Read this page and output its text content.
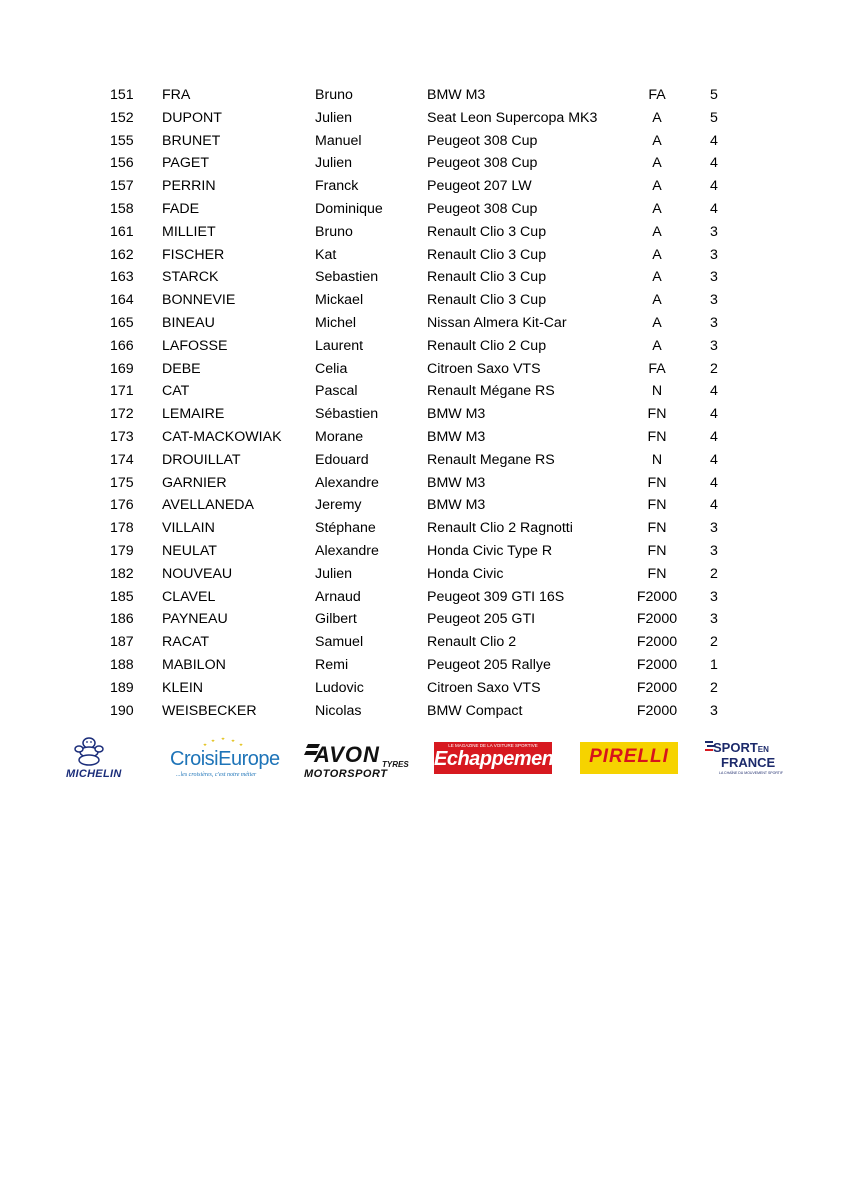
151	FRA	Bruno	BMW M3	FA	5
152	DUPONT	Julien	Seat Leon Supercopa MK3	A	5
155	BRUNET	Manuel	Peugeot 308 Cup	A	4
156	PAGET	Julien	Peugeot 308 Cup	A	4
157	PERRIN	Franck	Peugeot 207 LW	A	4
158	FADE	Dominique	Peugeot 308 Cup	A	4
161	MILLIET	Bruno	Renault Clio 3 Cup	A	3
162	FISCHER	Kat	Renault Clio 3 Cup	A	3
163	STARCK	Sebastien	Renault Clio 3 Cup	A	3
164	BONNEVIE	Mickael	Renault Clio 3 Cup	A	3
165	BINEAU	Michel	Nissan Almera Kit-Car	A	3
166	LAFOSSE	Laurent	Renault Clio 2 Cup	A	3
169	DEBE	Celia	Citroen Saxo VTS	FA	2
171	CAT	Pascal	Renault Mégane RS	N	4
172	LEMAIRE	Sébastien	BMW M3	FN	4
173	CAT-MACKOWIAK	Morane	BMW M3	FN	4
174	DROUILLAT	Edouard	Renault Megane RS	N	4
175	GARNIER	Alexandre	BMW M3	FN	4
176	AVELLANEDA	Jeremy	BMW M3	FN	4
178	VILLAIN	Stéphane	Renault Clio 2 Ragnotti	FN	3
179	NEULAT	Alexandre	Honda Civic Type R	FN	3
182	NOUVEAU	Julien	Honda Civic	FN	2
185	CLAVEL	Arnaud	Peugeot 309 GTI 16S	F2000	3
186	PAYNEAU	Gilbert	Peugeot 205 GTI	F2000	3
187	RACAT	Samuel	Renault Clio 2	F2000	2
188	MABILON	Remi	Peugeot 205 Rallye	F2000	1
189	KLEIN	Ludovic	Citroen Saxo VTS	F2000	2
190	WEISBECKER	Nicolas	BMW Compact	F2000	3
MICHELIN
CroisiEurope
...les croisières, c'est notre métier
AVON TYRES
MOTORSPORT
LE MAGAZINE DE LA VOITURE SPORTIVE
Echappement	PIRELLI	SPORTEN
FRANCE
LA CHAÎNE DU MOUVEMENT SPORTIF
